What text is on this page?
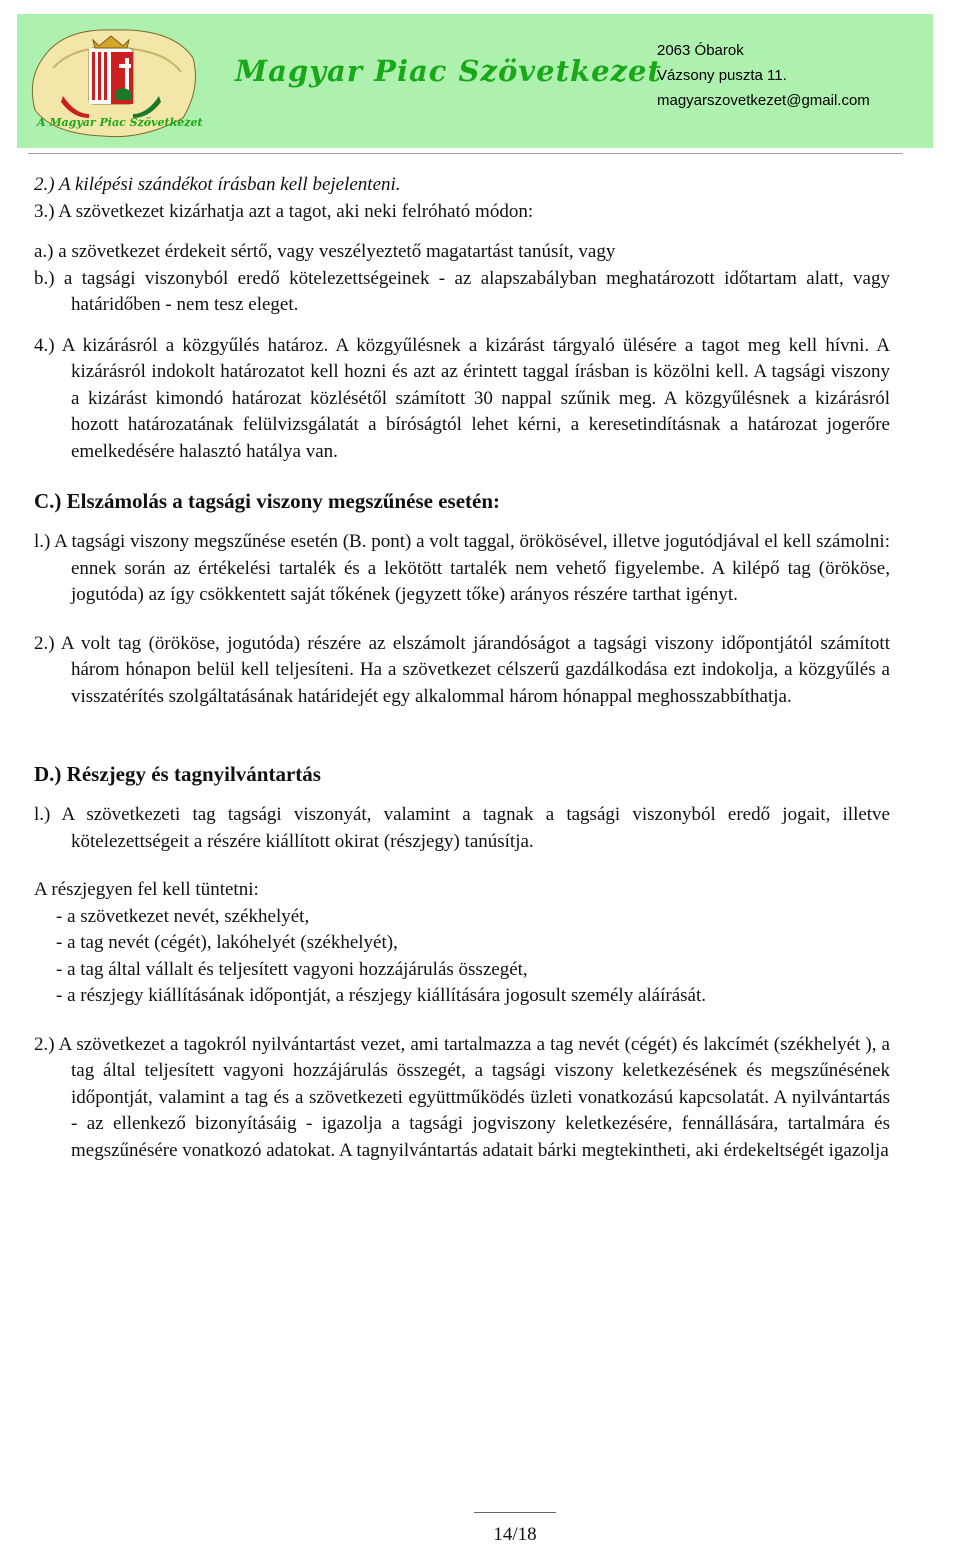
A Magyar Piac Szövetkezet
Magyar Piac Szövetkezet
2063 Óbarok
Vázsony puszta 11.
magyarszovetkezet@gmail.com

2.) A kilépési szándékot írásban kell bejelenteni.

3.) A szövetkezet kizárhatja azt a tagot, aki neki felróható módon:

a.) a szövetkezet érdekeit sértő, vagy veszélyeztető magatartást tanúsít, vagy

b.) a tagsági viszonyból eredő kötelezettségeinek - az alapszabályban meghatározott időtartam alatt, vagy határidőben - nem tesz eleget.

4.) A kizárásról a közgyűlés határoz. A közgyűlésnek a kizárást tárgyaló ülésére a tagot meg kell hívni. A kizárásról indokolt határozatot kell hozni és azt az érintett taggal írásban is közölni kell. A tagsági viszony a kizárást kimondó határozat közlésétől számított 30 nappal szűnik meg. A közgyűlésnek a kizárásról hozott határozatának felülvizsgálatát a bíróságtól lehet kérni, a keresetindításnak a határozat jogerőre emelkedésére halasztó hatálya van.

C.) Elszámolás a tagsági viszony megszűnése esetén:

l.) A tagsági viszony megszűnése esetén (B. pont) a volt taggal, örökösével, illetve jogutódjával el kell számolni: ennek során az értékelési tartalék és a lekötött tartalék nem vehető figyelembe. A kilépő tag (örököse, jogutóda) az így csökkentett saját tőkének (jegyzett tőke) arányos részére tarthat igényt.

2.) A volt tag (örököse, jogutóda) részére az elszámolt járandóságot a tagsági viszony időpontjától számított három hónapon belül kell teljesíteni. Ha a szövetkezet célszerű gazdálkodása ezt indokolja, a közgyűlés a visszatérítés szolgáltatásának határidejét egy alkalommal három hónappal meghosszabbíthatja.

D.) Részjegy és tagnyilvántartás

l.) A szövetkezeti tag tagsági viszonyát, valamint a tagnak a tagsági viszonyból eredő jogait, illetve kötelezettségeit a részére kiállított okirat (részjegy) tanúsítja.

A részjegyen fel kell tüntetni:

- a szövetkezet nevét, székhelyét,
- a tag nevét (cégét), lakóhelyét (székhelyét),
- a tag által vállalt és teljesített vagyoni hozzájárulás összegét,
- a részjegy kiállításának időpontját, a részjegy kiállítására jogosult személy aláírását.

2.) A szövetkezet a tagokról nyilvántartást vezet, ami tartalmazza a tag nevét (cégét) és lakcímét (székhelyét ), a tag által teljesített vagyoni hozzájárulás összegét, a tagsági viszony keletkezésének és megszűnésének időpontját, valamint a tag és a szövetkezeti együttműködés üzleti vonatkozású kapcsolatát. A nyilvántartás - az ellenkező bizonyításáig - igazolja a tagsági jogviszony keletkezésére, fennállására, tartalmára és megszűnésére vonatkozó adatokat. A tagnyilvántartás adatait bárki megtekintheti, aki érdekeltségét igazolja

14/18
